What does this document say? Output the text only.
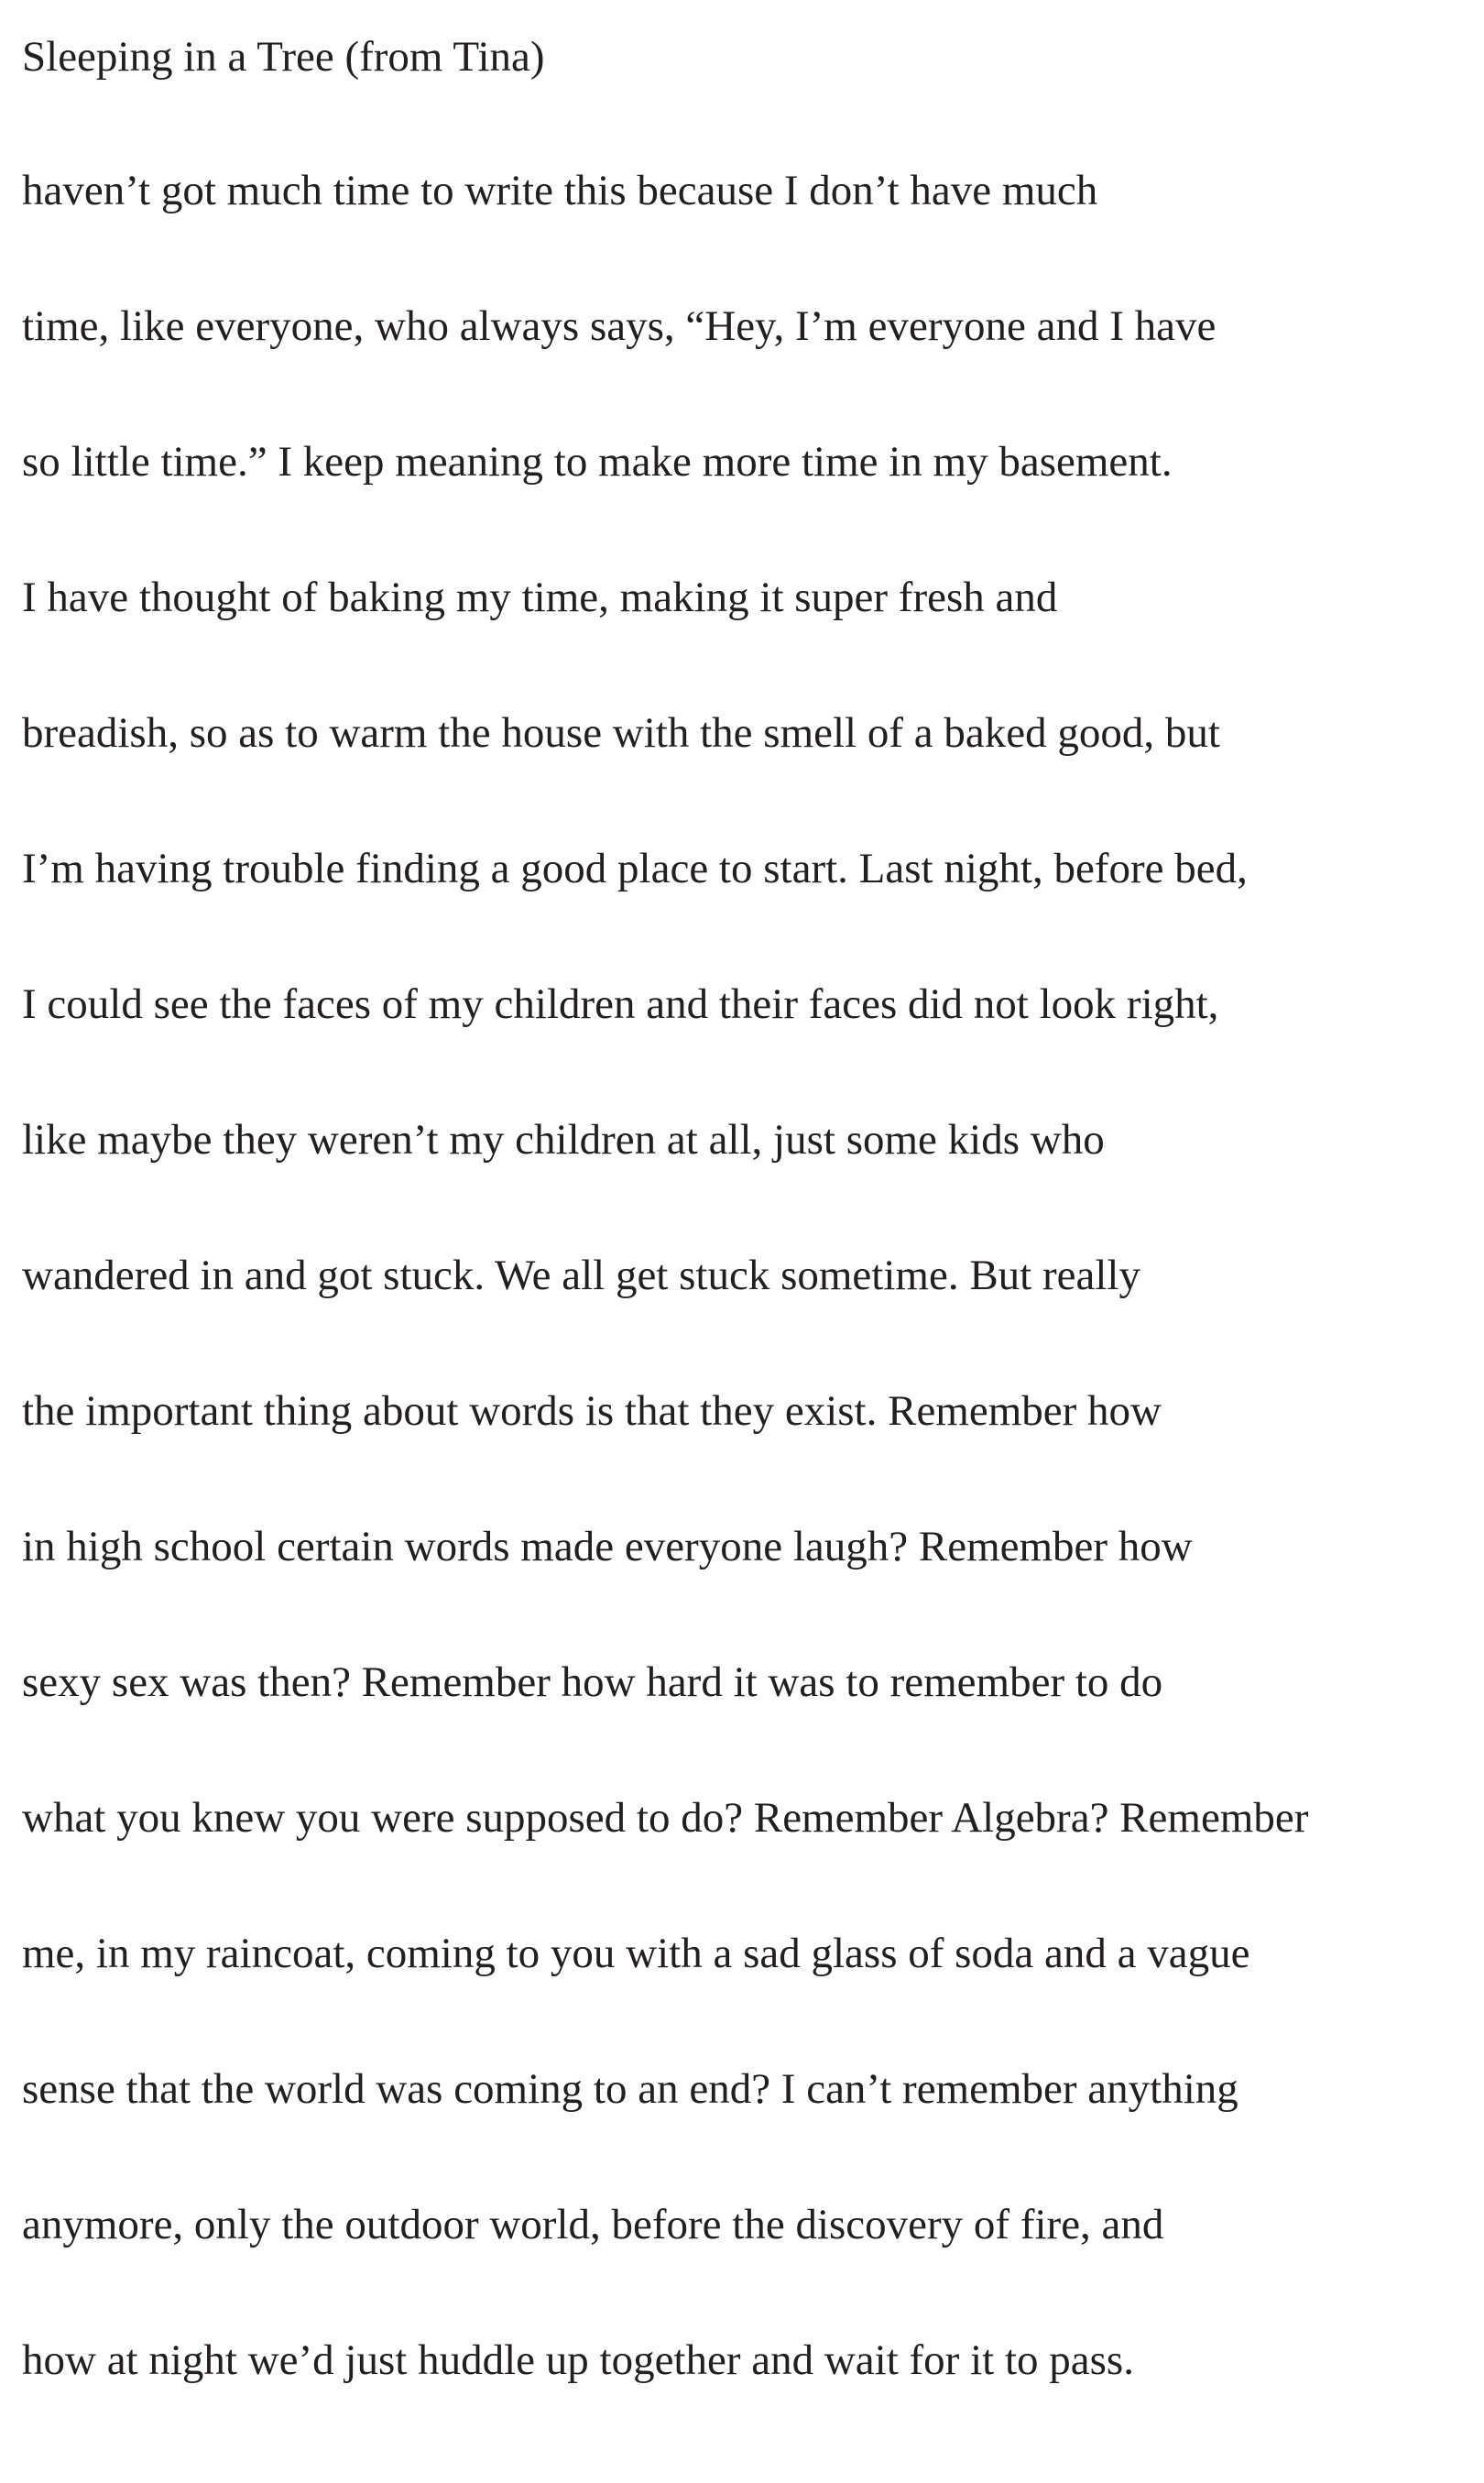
Sleeping in a Tree (from Tina)
haven’t got much time to write this because I don’t have much
time, like everyone, who always says, “Hey, I’m everyone and I have
so little time.” I keep meaning to make more time in my basement.
I have thought of baking my time, making it super fresh and
breadish, so as to warm the house with the smell of a baked good, but
I’m having trouble finding a good place to start. Last night, before bed,
I could see the faces of my children and their faces did not look right,
like maybe they weren’t my children at all, just some kids who
wandered in and got stuck. We all get stuck sometime. But really
the important thing about words is that they exist. Remember how
in high school certain words made everyone laugh? Remember how
sexy sex was then? Remember how hard it was to remember to do
what you knew you were supposed to do? Remember Algebra? Remember
me, in my raincoat, coming to you with a sad glass of soda and a vague
sense that the world was coming to an end? I can’t remember anything
anymore, only the outdoor world, before the discovery of fire, and
how at night we’d just huddle up together and wait for it to pass.
